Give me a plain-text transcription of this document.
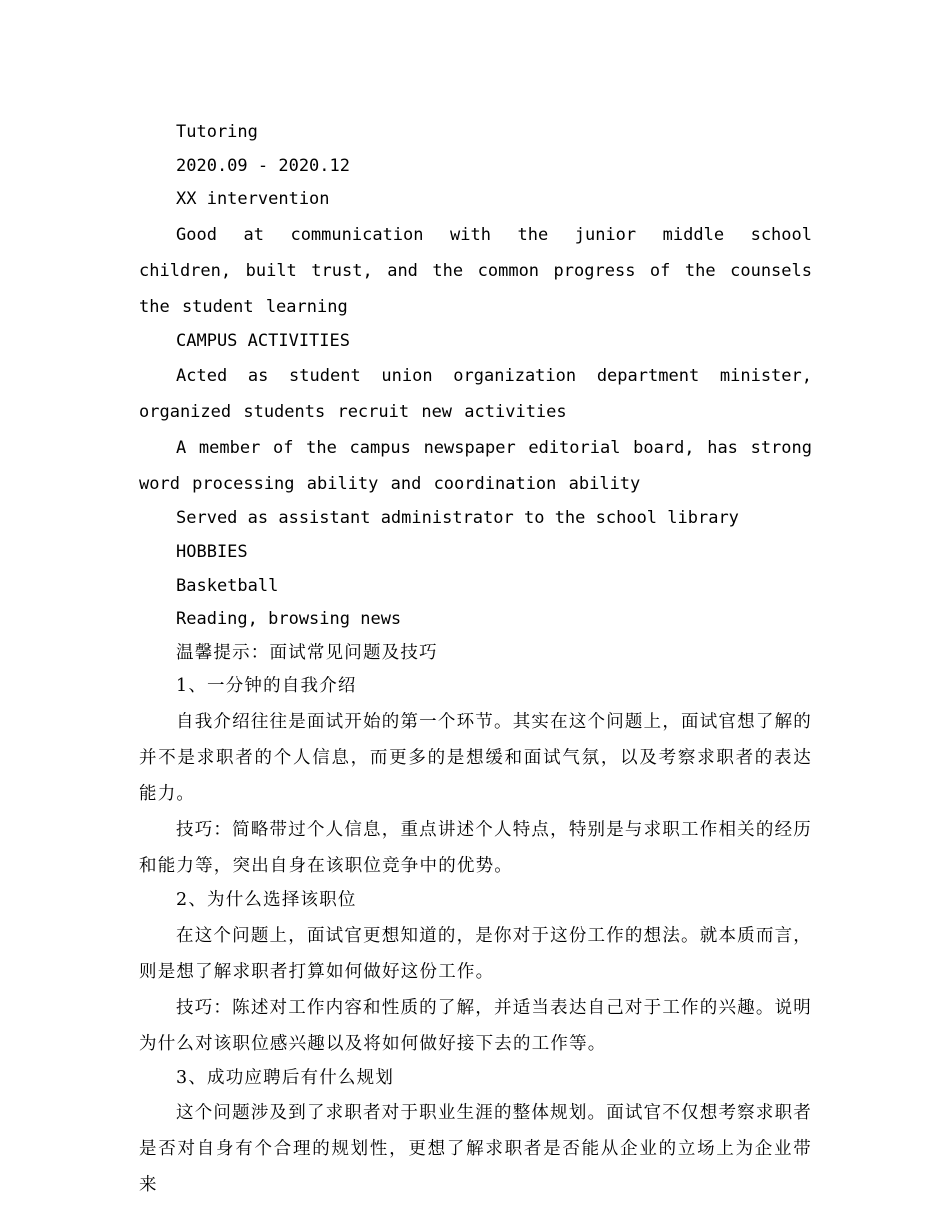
Tutoring

2020.09 - 2020.12

XX intervention

Good at communication with the junior middle school children, built trust, and the common progress of the counsels the student learning

CAMPUS ACTIVITIES

Acted as student union organization department minister, organized students recruit new activities

A member of the campus newspaper editorial board, has strong word processing ability and coordination ability

Served as assistant administrator to the school library

HOBBIES

Basketball

Reading, browsing news

温馨提示：面试常见问题及技巧

1、一分钟的自我介绍

自我介绍往往是面试开始的第一个环节。其实在这个问题上，面试官想了解的并不是求职者的个人信息，而更多的是想缓和面试气氛，以及考察求职者的表达能力。

技巧：简略带过个人信息，重点讲述个人特点，特别是与求职工作相关的经历和能力等，突出自身在该职位竞争中的优势。

2、为什么选择该职位

在这个问题上，面试官更想知道的，是你对于这份工作的想法。就本质而言，则是想了解求职者打算如何做好这份工作。

技巧：陈述对工作内容和性质的了解，并适当表达自己对于工作的兴趣。说明为什么对该职位感兴趣以及将如何做好接下去的工作等。

3、成功应聘后有什么规划

这个问题涉及到了求职者对于职业生涯的整体规划。面试官不仅想考察求职者是否对自身有个合理的规划性，更想了解求职者是否能从企业的立场上为企业带来
